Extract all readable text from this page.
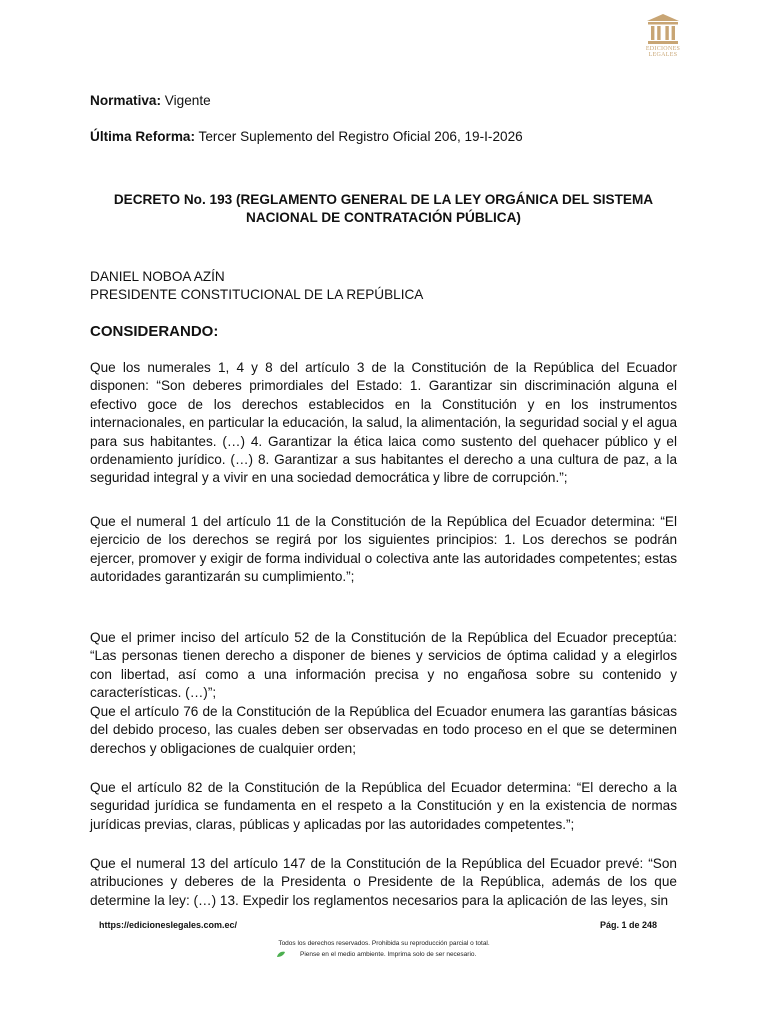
EDICIONES
LEGALES

Normativa: Vigente

Última Reforma: Tercer Suplemento del Registro Oficial 206, 19-I-2026

DECRETO No. 193 (REGLAMENTO GENERAL DE LA LEY ORGÁNICA DEL SISTEMA NACIONAL DE CONTRATACIÓN PÚBLICA)

DANIEL NOBOA AZÍN
PRESIDENTE CONSTITUCIONAL DE LA REPÚBLICA

CONSIDERANDO:

Que los numerales 1, 4 y 8 del artículo 3 de la Constitución de la República del Ecuador disponen: “Son deberes primordiales del Estado: 1. Garantizar sin discriminación alguna el efectivo goce de los derechos establecidos en la Constitución y en los instrumentos internacionales, en particular la educación, la salud, la alimentación, la seguridad social y el agua para sus habitantes. (…) 4. Garantizar la ética laica como sustento del quehacer público y el ordenamiento jurídico. (…) 8. Garantizar a sus habitantes el derecho a una cultura de paz, a la seguridad integral y a vivir en una sociedad democrática y libre de corrupción.”;

Que el numeral 1 del artículo 11 de la Constitución de la República del Ecuador determina: “El ejercicio de los derechos se regirá por los siguientes principios: 1. Los derechos se podrán ejercer, promover y exigir de forma individual o colectiva ante las autoridades competentes; estas autoridades garantizarán su cumplimiento.”;

Que el primer inciso del artículo 52 de la Constitución de la República del Ecuador preceptúa: “Las personas tienen derecho a disponer de bienes y servicios de óptima calidad y a elegirlos con libertad, así como a una información precisa y no engañosa sobre su contenido y características. (…)”;

Que el artículo 76 de la Constitución de la República del Ecuador enumera las garantías básicas del debido proceso, las cuales deben ser observadas en todo proceso en el que se determinen derechos y obligaciones de cualquier orden;

Que el artículo 82 de la Constitución de la República del Ecuador determina: “El derecho a la seguridad jurídica se fundamenta en el respeto a la Constitución y en la existencia de normas jurídicas previas, claras, públicas y aplicadas por las autoridades competentes.”;

Que el numeral 13 del artículo 147 de la Constitución de la República del Ecuador prevé: “Son atribuciones y deberes de la Presidenta o Presidente de la República, además de los que determine la ley: (…) 13. Expedir los reglamentos necesarios para la aplicación de las leyes, sin

https://edicioneslegales.com.ec/	Pág. 1 de 248
Todos los derechos reservados. Prohibida su reproducción parcial o total.
Piense en el medio ambiente. Imprima solo de ser necesario.
